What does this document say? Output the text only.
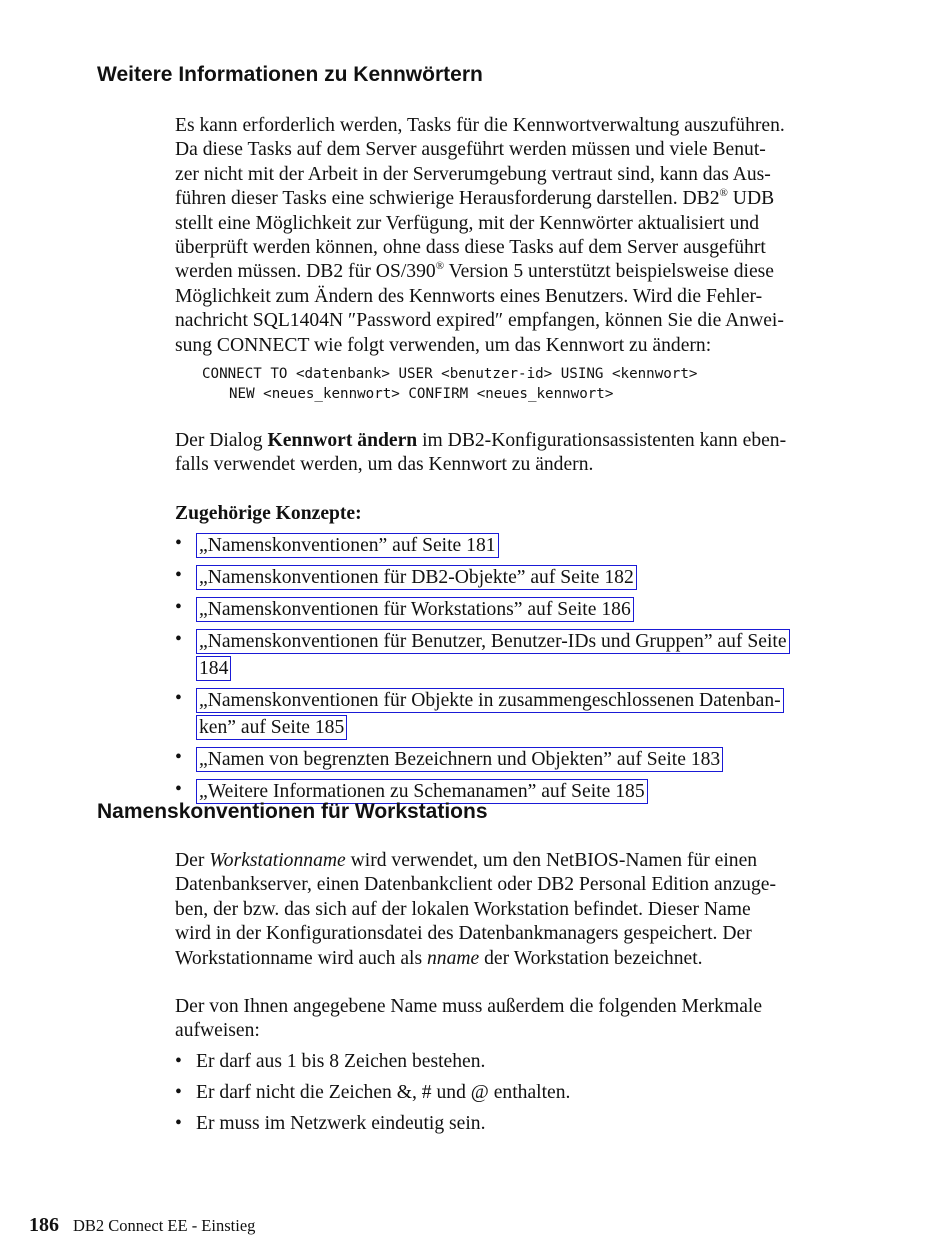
Weitere Informationen zu Kennwörtern

Es kann erforderlich werden, Tasks für die Kennwortverwaltung auszuführen.
Da diese Tasks auf dem Server ausgeführt werden müssen und viele Benut-
zer nicht mit der Arbeit in der Serverumgebung vertraut sind, kann das Aus-
führen dieser Tasks eine schwierige Herausforderung darstellen. DB2® UDB
stellt eine Möglichkeit zur Verfügung, mit der Kennwörter aktualisiert und
überprüft werden können, ohne dass diese Tasks auf dem Server ausgeführt
werden müssen. DB2 für OS/390® Version 5 unterstützt beispielsweise diese
Möglichkeit zum Ändern des Kennworts eines Benutzers. Wird die Fehler-
nachricht SQL1404N ″Password expired″ empfangen, können Sie die Anwei-
sung CONNECT wie folgt verwenden, um das Kennwort zu ändern:

CONNECT TO <datenbank> USER <benutzer-id> USING <kennwort>
NEW <neues_kennwort> CONFIRM <neues_kennwort>

Der Dialog Kennwort ändern im DB2-Konfigurationsassistenten kann eben-
falls verwendet werden, um das Kennwort zu ändern.

Zugehörige Konzepte:
• „Namenskonventionen” auf Seite 181
• „Namenskonventionen für DB2-Objekte” auf Seite 182
• „Namenskonventionen für Workstations” auf Seite 186
• „Namenskonventionen für Benutzer, Benutzer-IDs und Gruppen” auf Seite
184
• „Namenskonventionen für Objekte in zusammengeschlossenen Datenban-
ken” auf Seite 185
• „Namen von begrenzten Bezeichnern und Objekten” auf Seite 183
• „Weitere Informationen zu Schemanamen” auf Seite 185
Namenskonventionen für Workstations

Der Workstationname wird verwendet, um den NetBIOS-Namen für einen
Datenbankserver, einen Datenbankclient oder DB2 Personal Edition anzuge-
ben, der bzw. das sich auf der lokalen Workstation befindet. Dieser Name
wird in der Konfigurationsdatei des Datenbankmanagers gespeichert. Der
Workstationname wird auch als nname der Workstation bezeichnet.

Der von Ihnen angegebene Name muss außerdem die folgenden Merkmale
aufweisen:

• Er darf aus 1 bis 8 Zeichen bestehen.
• Er darf nicht die Zeichen &, # und @ enthalten.
• Er muss im Netzwerk eindeutig sein.
186 DB2 Connect EE - Einstieg
